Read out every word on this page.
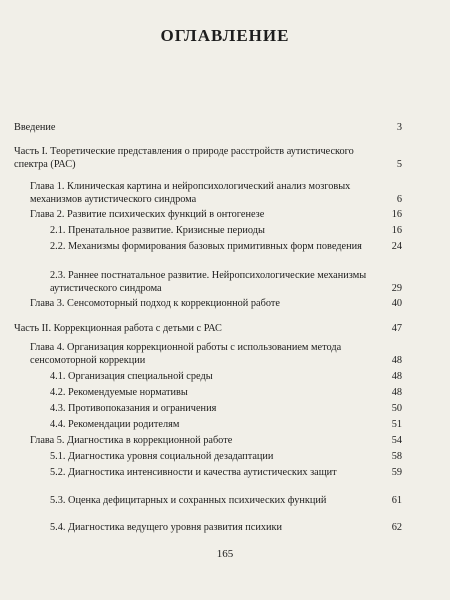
ОГЛАВЛЕНИЕ
Введение	3
Часть I. Теоретические представления о природе расстройств аутистического спектра (РАС)	5
Глава 1. Клиническая картина и нейропсихологический анализ мозговых механизмов аутистического синдрома	6
Глава 2. Развитие психических функций в онтогенезе	16
2.1. Пренатальное развитие. Кризисные периоды	16
2.2. Механизмы формирования базовых примитивных форм поведения	24
2.3. Раннее постнатальное развитие. Нейропсихологические механизмы аутистического синдрома	29
Глава 3. Сенсомоторный подход к коррекционной работе	40
Часть II. Коррекционная работа с детьми с РАС	47
Глава 4. Организация коррекционной работы с использованием метода сенсомоторной коррекции	48
4.1. Организация специальной среды	48
4.2. Рекомендуемые нормативы	48
4.3. Противопоказания и ограничения	50
4.4. Рекомендации родителям	51
Глава 5. Диагностика в коррекционной работе	54
5.1. Диагностика уровня социальной дезадаптации	58
5.2. Диагностика интенсивности и качества аутистических защит	59
5.3. Оценка дефицитарных и сохранных психических функций	61
5.4. Диагностика ведущего уровня развития психики	62
165
